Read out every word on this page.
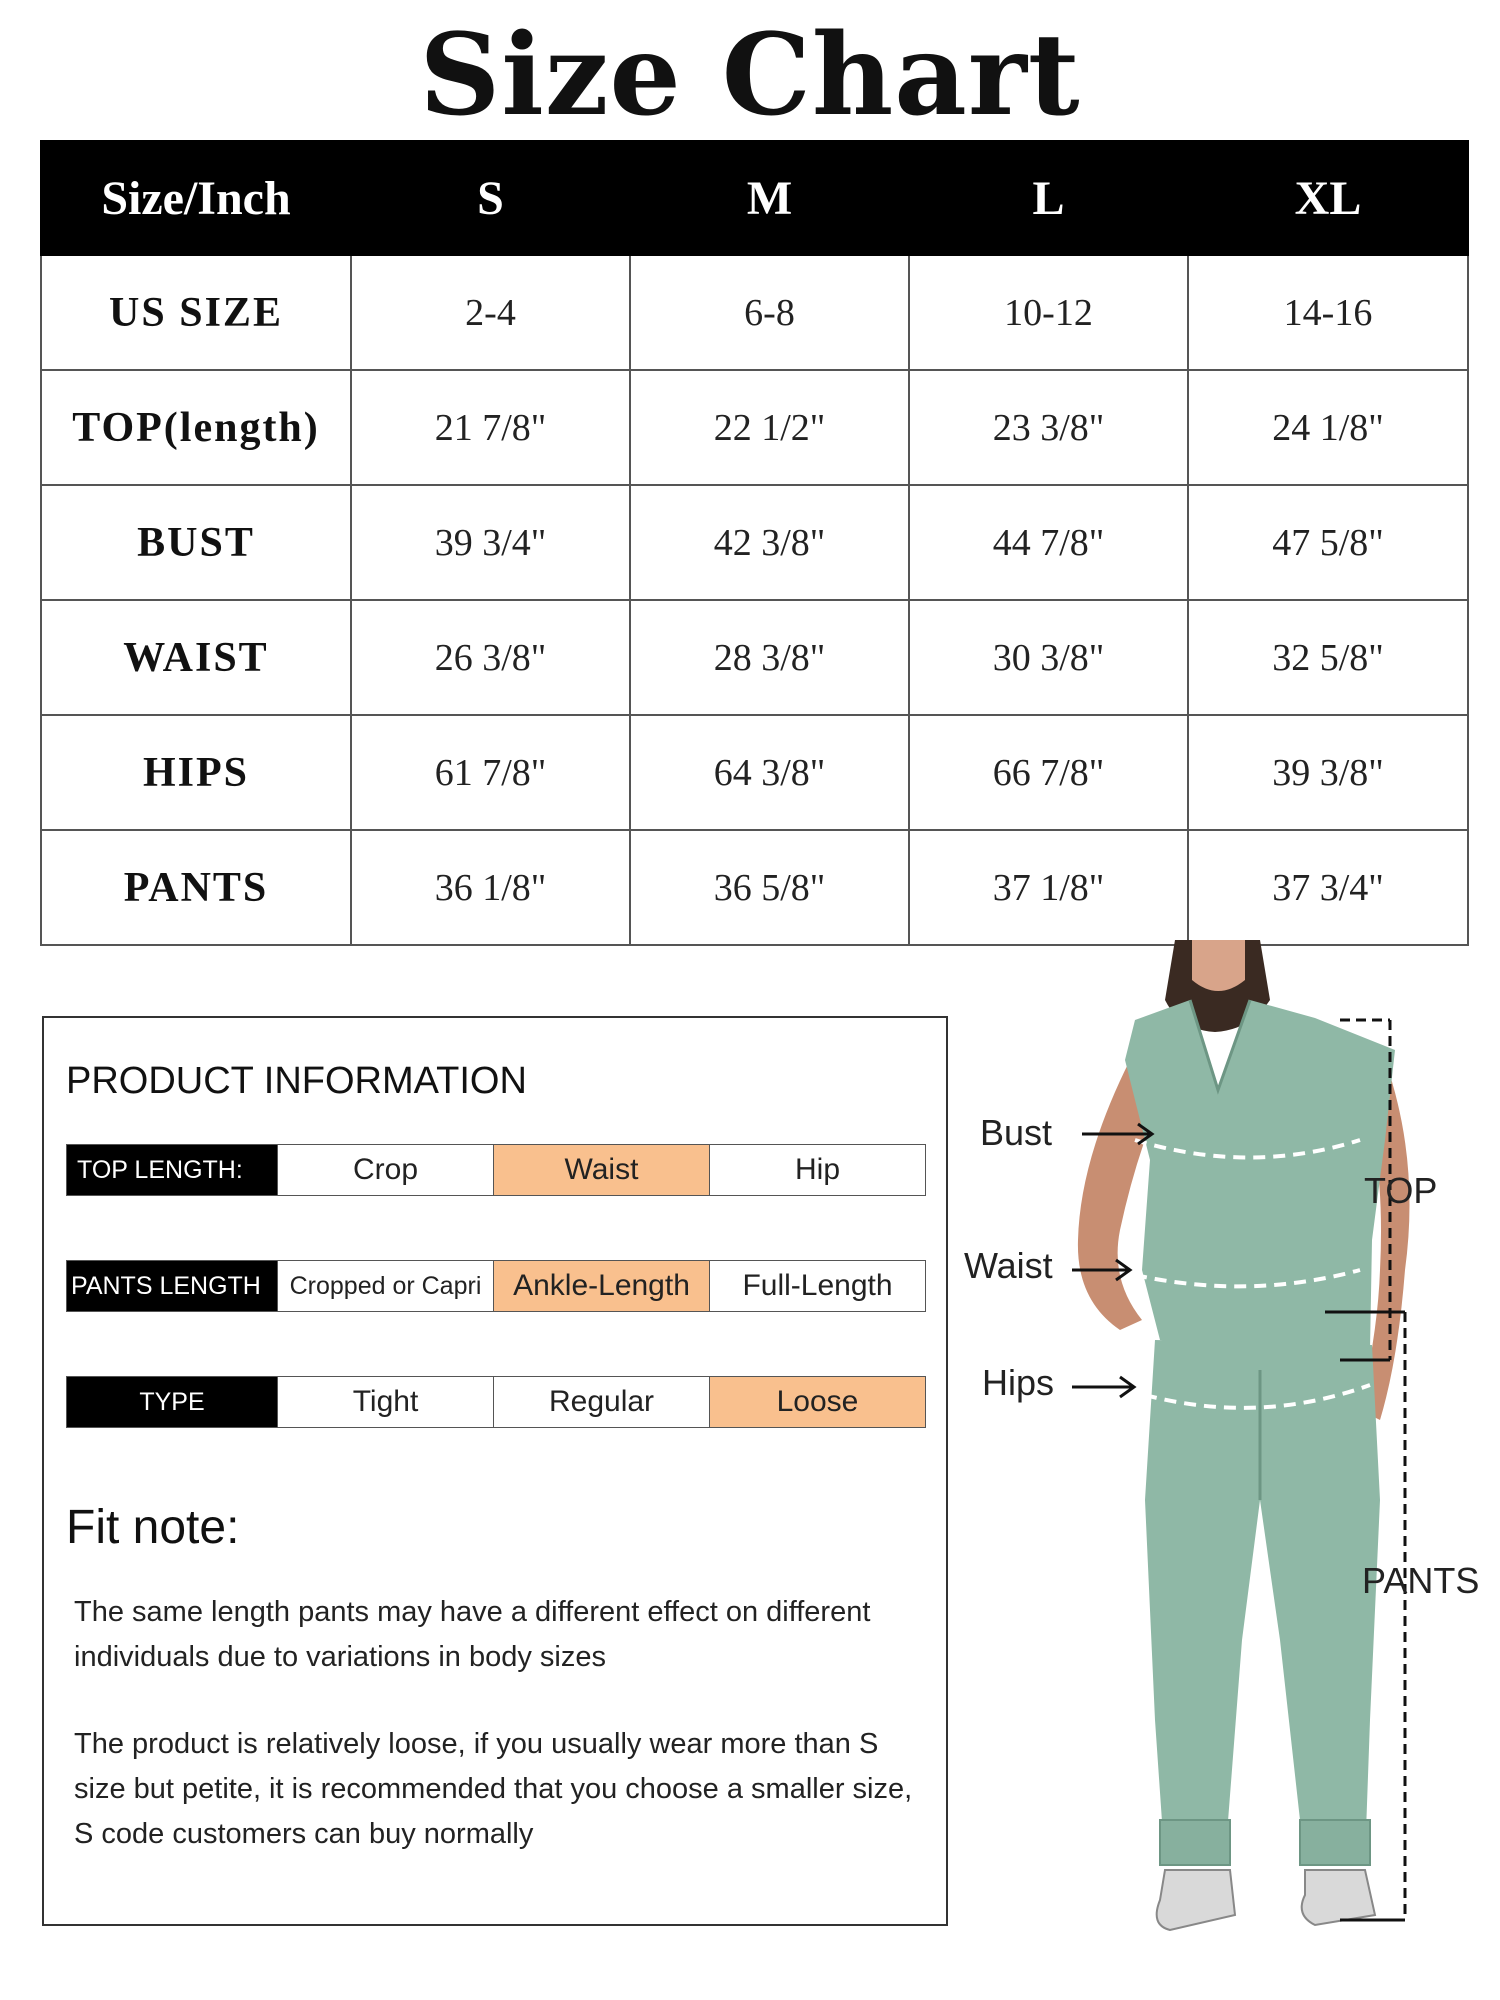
Size Chart
Size/Inch	S	M	L	XL
US SIZE	2-4	6-8	10-12	14-16
TOP(length)	21 7/8"	22 1/2"	23 3/8"	24 1/8"
BUST	39 3/4"	42 3/8"	44 7/8"	47 5/8"
WAIST	26 3/8"	28 3/8"	30 3/8"	32 5/8"
HIPS	61 7/8"	64 3/8"	66 7/8"	39 3/8"
PANTS	36 1/8"	36 5/8"	37 1/8"	37 3/4"
PRODUCT INFORMATION
TOP LENGTH:	Crop	Waist	Hip
PANTS LENGTH	Cropped or Capri	Ankle-Length	Full-Length
TYPE	Tight	Regular	Loose
Fit note:
The same length pants may have a different effect on different individuals due to variations in body sizes
The product is relatively loose, if you usually wear more than S size but petite, it is recommended that you choose a smaller size, S code customers can buy normally
Bust
Waist
Hips
TOP
PANTS
